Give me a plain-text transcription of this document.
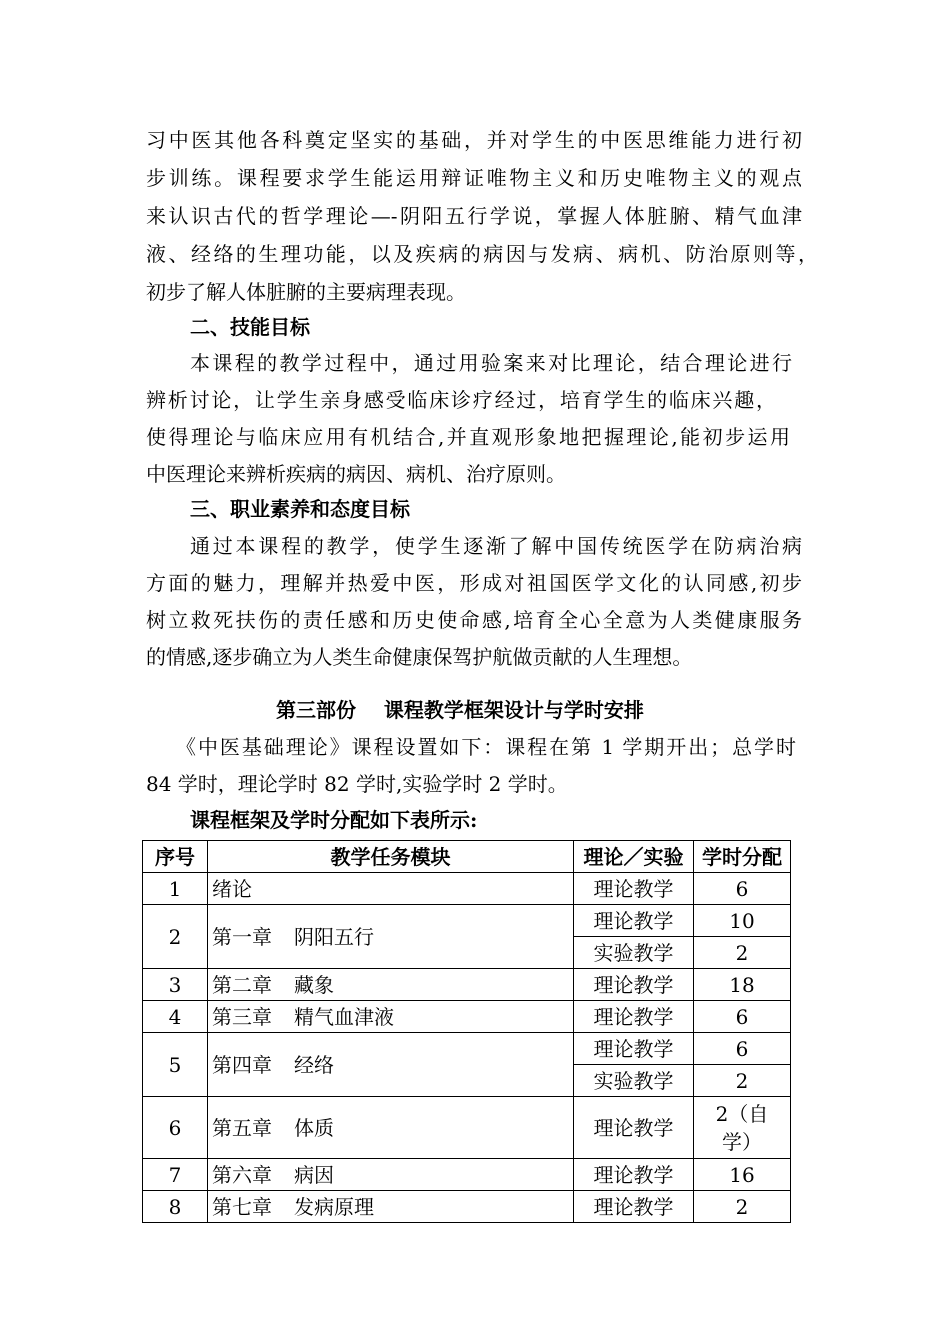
习中医其他各科奠定坚实的基础，并对学生的中医思维能力进行初
步训练。课程要求学生能运用辩证唯物主义和历史唯物主义的观点
来认识古代的哲学理论—-阴阳五行学说，掌握人体脏腑、精气血津
液、经络的生理功能，以及疾病的病因与发病、病机、防治原则等，
初步了解人体脏腑的主要病理表现。
二、技能目标
本课程的教学过程中，通过用验案来对比理论，结合理论进行
辨析讨论，让学生亲身感受临床诊疗经过，培育学生的临床兴趣，
使得理论与临床应用有机结合,并直观形象地把握理论,能初步运用
中医理论来辨析疾病的病因、病机、治疗原则。
三、职业素养和态度目标
通过本课程的教学，使学生逐渐了解中国传统医学在防病治病
方面的魅力，理解并热爱中医，形成对祖国医学文化的认同感,初步
树立救死扶伤的责任感和历史使命感,培育全心全意为人类健康服务
的情感,逐步确立为人类生命健康保驾护航做贡献的人生理想。
第三部份    课程教学框架设计与学时安排
《中医基础理论》课程设置如下：课程在第 1 学期开出；总学时
84 学时，理论学时 82 学时,实验学时 2 学时。
课程框架及学时分配如下表所示:
序号	教学任务模块	理论／实验	学时分配
1	绪论	理论教学	6
2	第一章 阴阳五行	理论教学	10
		实验教学	2
3	第二章 藏象	理论教学	18
4	第三章 精气血津液	理论教学	6
5	第四章 经络	理论教学	6
		实验教学	2
6	第五章 体质	理论教学	2（自
学）

7	第六章 病因	理论教学	16
8	第七章 发病原理	理论教学	2
